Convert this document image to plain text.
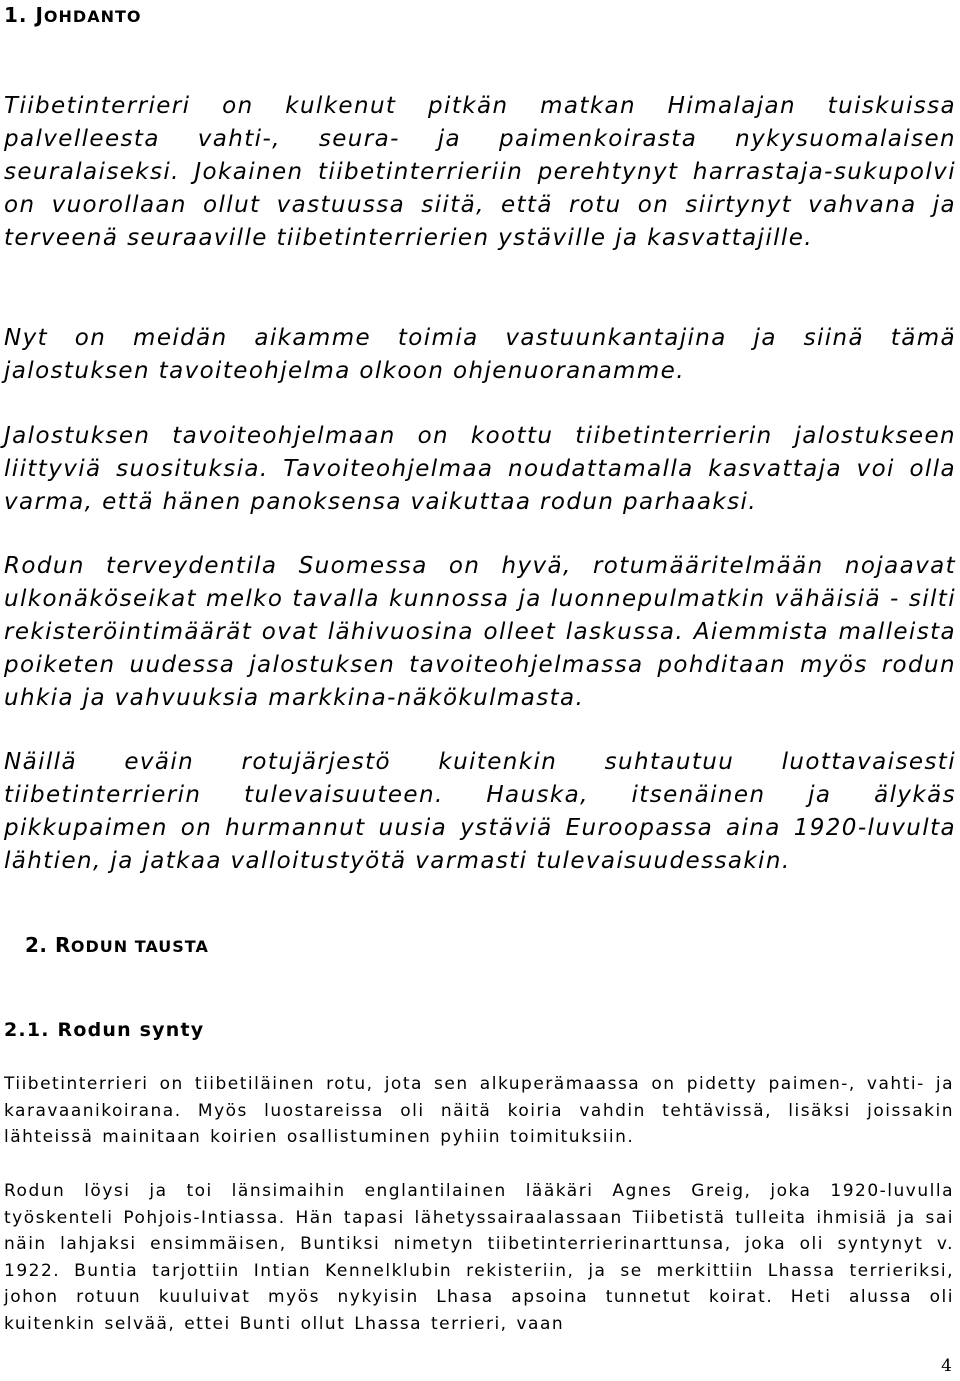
1. JOHDANTO

Tiibetinterrieri on kulkenut pitkän matkan Himalajan tuiskuissa palvelleesta vahti-, seura- ja paimenkoirasta nykysuomalaisen seuralaiseksi. Jokainen tiibetinterrieriin perehtynyt harrastaja-sukupolvi on vuorollaan ollut vastuussa siitä, että rotu on siirtynyt vahvana ja terveenä seuraaville tiibetinterrierien ystäville ja kasvattajille.

Nyt on meidän aikamme toimia vastuunkantajina ja siinä tämä jalostuksen tavoiteohjelma olkoon ohjenuoranamme.

Jalostuksen tavoiteohjelmaan on koottu tiibetinterrierin jalostukseen liittyviä suosituksia. Tavoiteohjelmaa noudattamalla kasvattaja voi olla varma, että hänen panoksensa vaikuttaa rodun parhaaksi.

Rodun terveydentila Suomessa on hyvä, rotumääritelmään nojaavat ulkonäköseikat melko tavalla kunnossa ja luonnepulmatkin vähäisiä - silti rekisteröintimäärät ovat lähivuosina olleet laskussa. Aiemmista malleista poiketen uudessa jalostuksen tavoiteohjelmassa pohditaan myös rodun uhkia ja vahvuuksia markkina-näkökulmasta.

Näillä eväin rotujärjestö kuitenkin suhtautuu luottavaisesti tiibetinterrierin tulevaisuuteen. Hauska, itsenäinen ja älykäs pikkupaimen on hurmannut uusia ystäviä Euroopassa aina 1920-luvulta lähtien, ja jatkaa valloitustyötä varmasti tulevaisuudessakin.

2. RODUN TAUSTA
2.1. Rodun synty

Tiibetinterrieri on tiibetiläinen rotu, jota sen alkuperämaassa on pidetty paimen-, vahti- ja karavaanikoirana. Myös luostareissa oli näitä koiria vahdin tehtävissä, lisäksi joissakin lähteissä mainitaan koirien osallistuminen pyhiin toimituksiin.

Rodun löysi ja toi länsimaihin englantilainen lääkäri Agnes Greig, joka 1920-luvulla työskenteli Pohjois-Intiassa. Hän tapasi lähetyssairaalassaan Tiibetistä tulleita ihmisiä ja sai näin lahjaksi ensimmäisen, Buntiksi nimetyn tiibetinterrierinarttunsa, joka oli syntynyt v. 1922. Buntia tarjottiin Intian Kennelklubin rekisteriin, ja se merkittiin Lhassa terrieriksi, johon rotuun kuuluivat myös nykyisin Lhasa apsoina tunnetut koirat. Heti alussa oli kuitenkin selvää, ettei Bunti ollut Lhassa terrieri, vaan

4
